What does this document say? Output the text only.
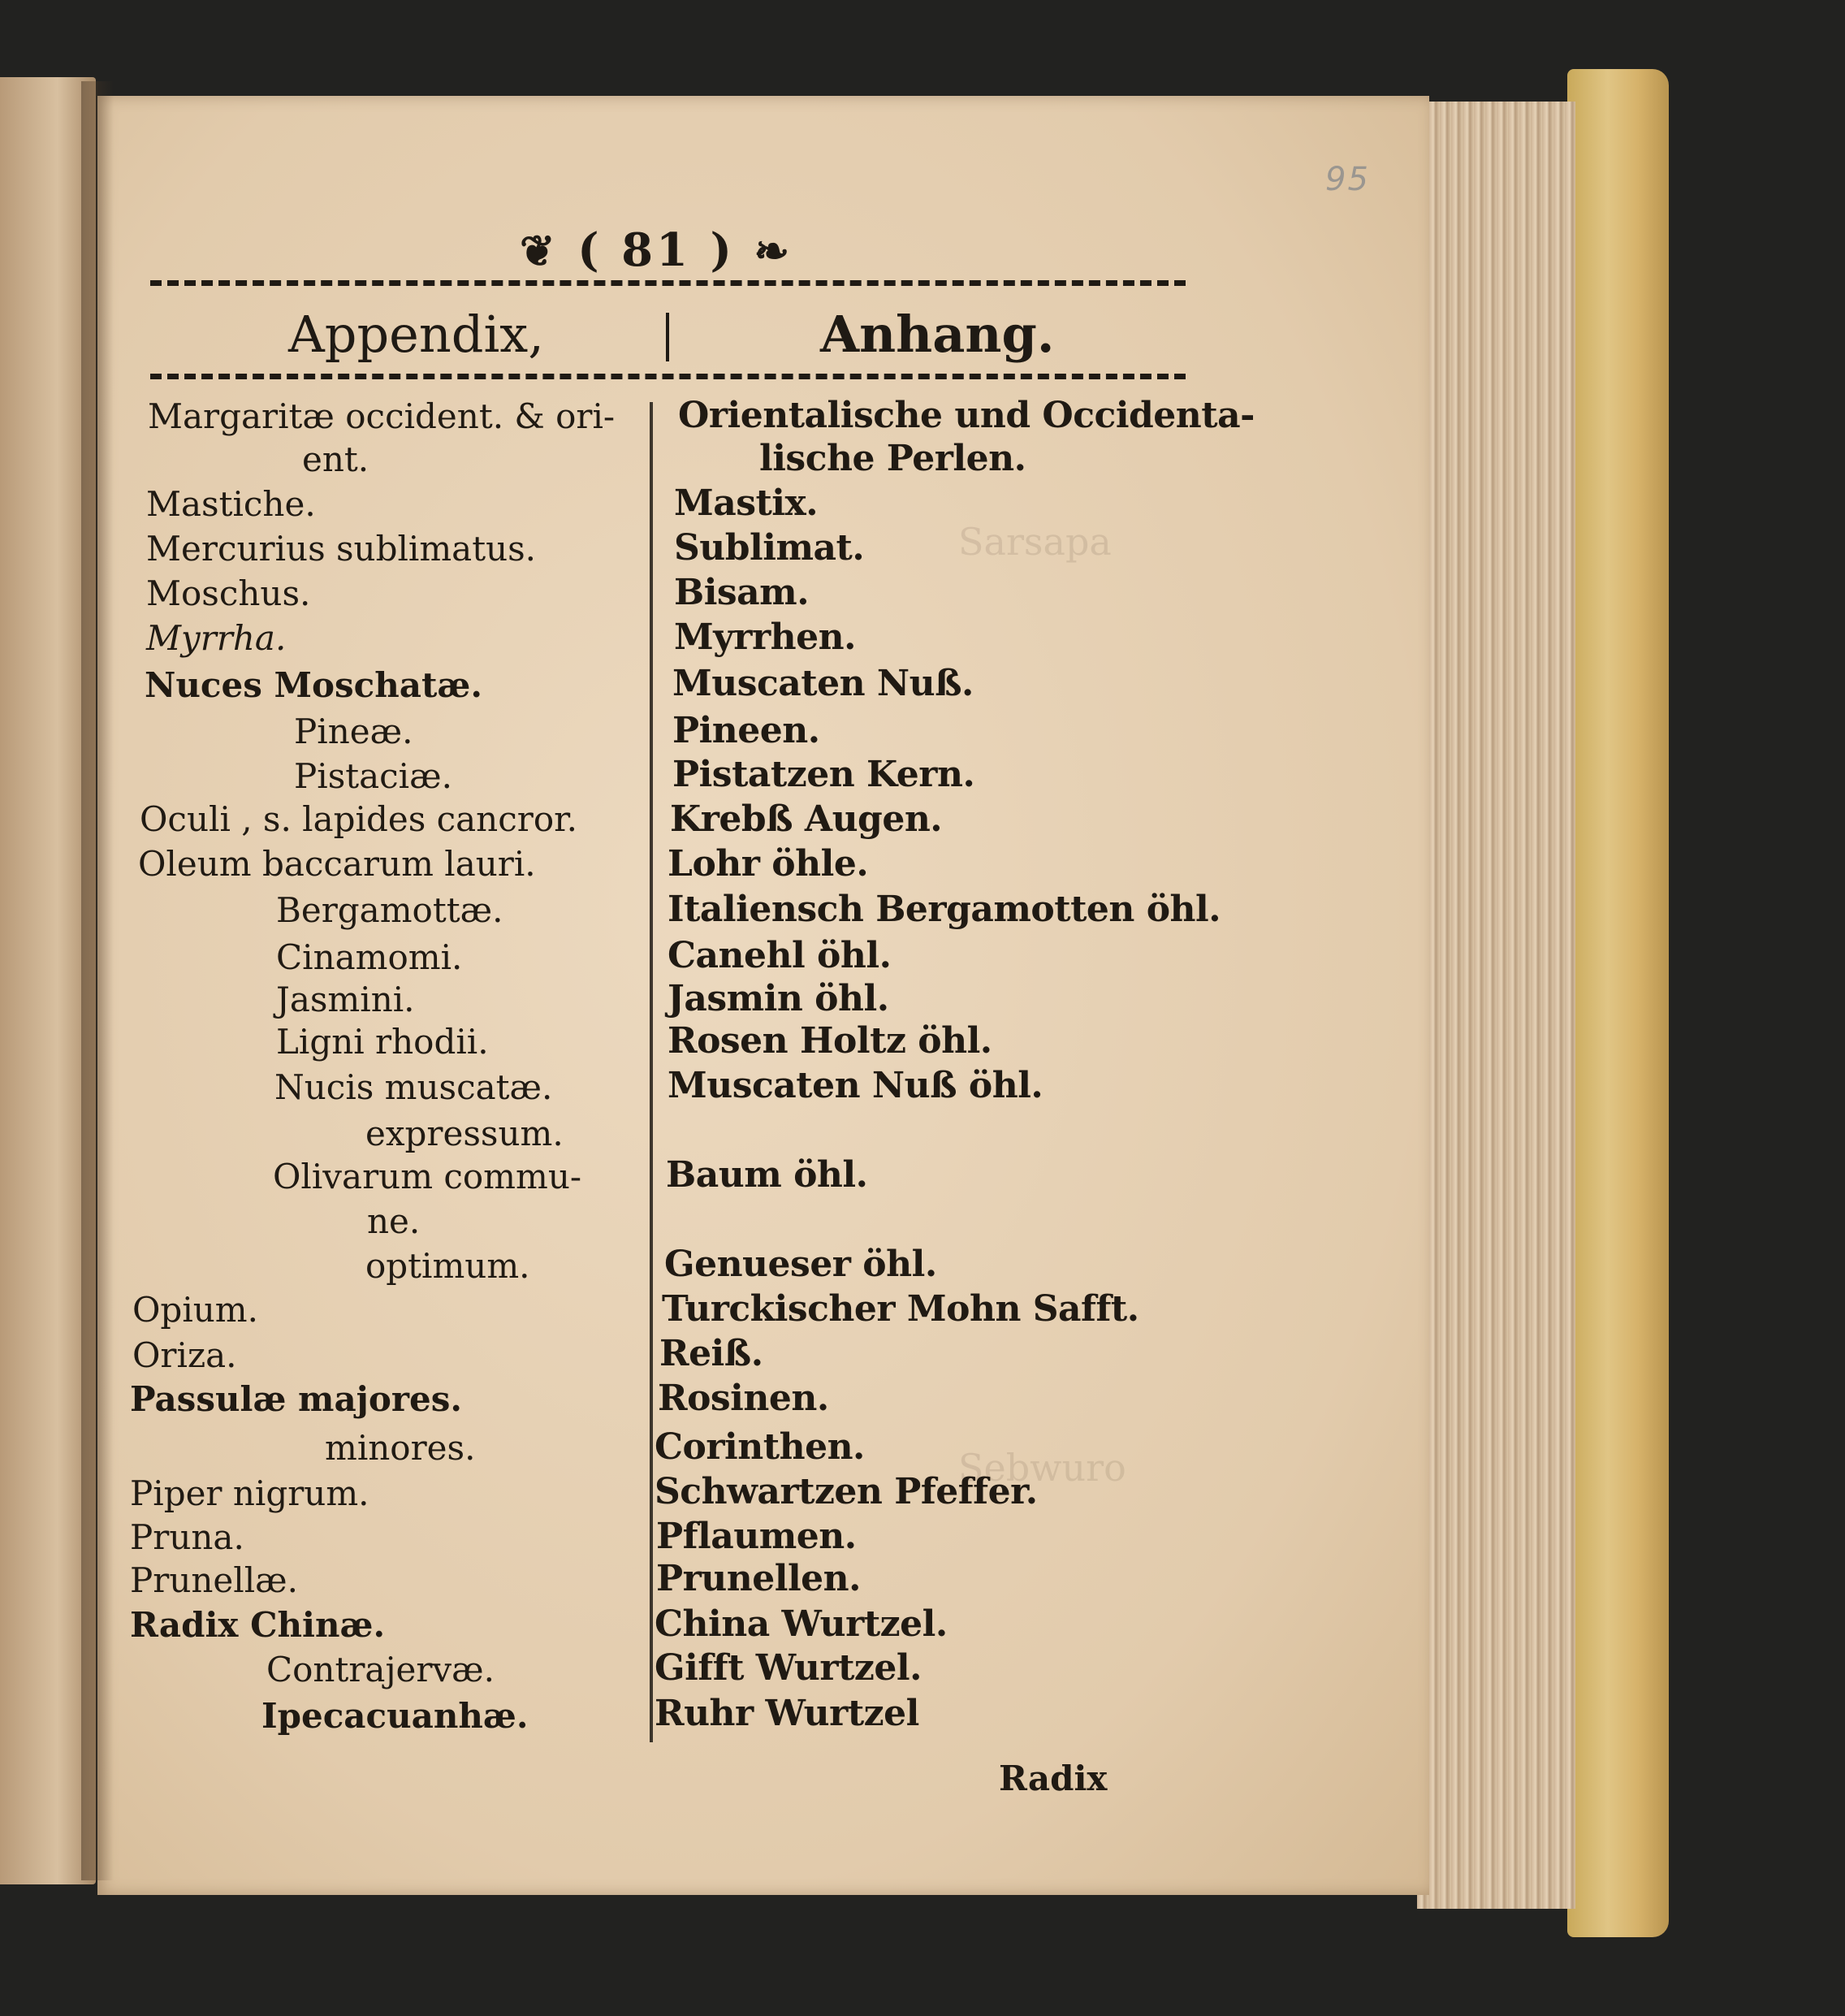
Sarsapa
Sebwuro
95
❦ ( 81 ) ❧
Appendix,	Anhang.
Margaritæ occident. & ori-
ent.
Mastiche.
Mercurius sublimatus.
Moschus.
Myrrha.
Nuces Moschatæ.
Pineæ.
Pistaciæ.
Oculi , s. lapides cancror.
Oleum baccarum lauri.
Bergamottæ.
Cinamomi.
Jasmini.
Ligni rhodii.
Nucis muscatæ.
expressum.
Olivarum commu-
ne.
optimum.
Opium.
Oriza.
Passulæ majores.
minores.
Piper nigrum.
Pruna.
Prunellæ.
Radix Chinæ.
Contrajervæ.
Ipecacuanhæ.
Orientalische und Occidenta-
lische Perlen.
Mastix.
Sublimat.
Bisam.
Myrrhen.
Muscaten Nuß.
Pineen.
Pistatzen Kern.
Krebß Augen.
Lohr öhle.
Italiensch Bergamotten öhl.
Canehl öhl.
Jasmin öhl.
Rosen Holtz öhl.
Muscaten Nuß öhl.
Baum öhl.
Genueser öhl.
Turckischer Mohn Safft.
Reiß.
Rosinen.
Corinthen.
Schwartzen Pfeffer.
Pflaumen.
Prunellen.
China Wurtzel.
Gifft Wurtzel.
Ruhr Wurtzel
Radix
